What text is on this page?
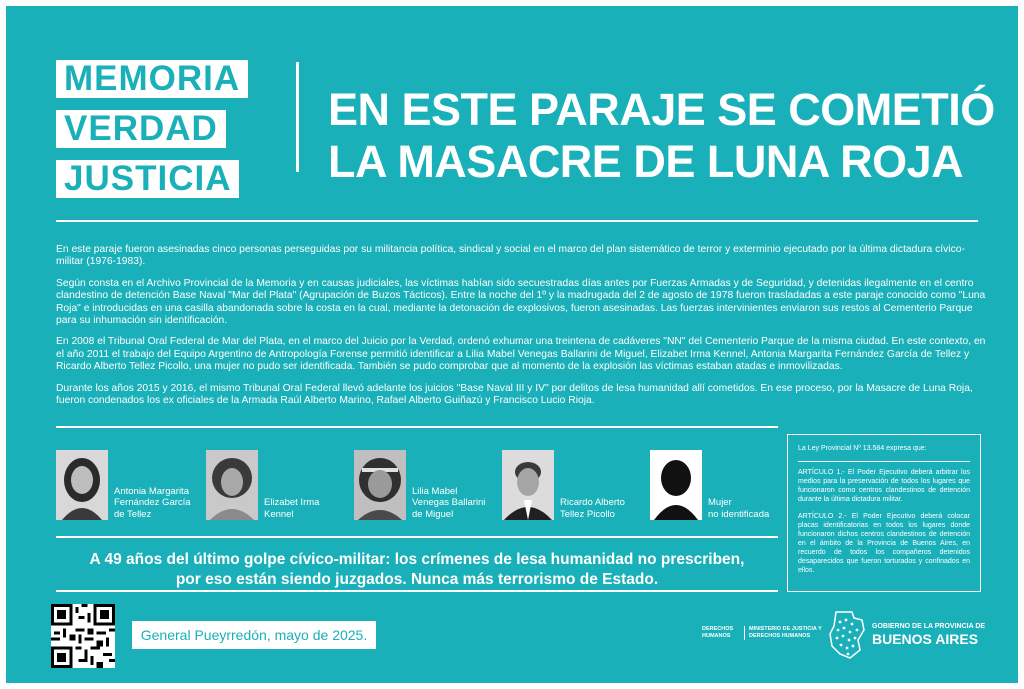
MEMORIA
VERDAD
JUSTICIA
EN ESTE PARAJE SE COMETIÓ
LA MASACRE DE LUNA ROJA

En este paraje fueron asesinadas cinco personas perseguidas por su militancia política, sindical y social en el marco del plan sistemático de terror y exterminio ejecutado por la última dictadura cívico-militar (1976-1983).

Según consta en el Archivo Provincial de la Memoria y en causas judiciales, las víctimas habían sido secuestradas días antes por Fuerzas Armadas y de Seguridad, y detenidas ilegalmente en el centro clandestino de detención Base Naval "Mar del Plata" (Agrupación de Buzos Tácticos). Entre la noche del 1º y la madrugada del 2 de agosto de 1978 fueron trasladadas a este paraje conocido como "Luna Roja" e introducidas en una casilla abandonada sobre la costa en la cual, mediante la detonación de explosivos, fueron asesinadas. Las fuerzas intervinientes enviaron sus restos al Cementerio Parque para su inhumación sin identificación.

En 2008 el Tribunal Oral Federal de Mar del Plata, en el marco del Juicio por la Verdad, ordenó exhumar una treintena de cadáveres "NN" del Cementerio Parque de la misma ciudad. En este contexto, en el año 2011 el trabajo del Equipo Argentino de Antropología Forense permitió identificar a Lilia Mabel Venegas Ballarini de Miguel, Elizabet Irma Kennel, Antonia Margarita Fernández García de Tellez y Ricardo Alberto Tellez Picollo, una mujer no pudo ser identificada. También se pudo comprobar que al momento de la explosión las víctimas estaban atadas e inmovilizadas.

Durante los años 2015 y 2016, el mismo Tribunal Oral Federal llevó adelante los juicios "Base Naval III y IV" por delitos de lesa humanidad allí cometidos. En ese proceso, por la Masacre de Luna Roja, fueron condenados los ex oficiales de la Armada Raúl Alberto Marino, Rafael Alberto Guiñazú y Francisco Lucio Rioja.

Antonia Margarita
Fernández García
de Tellez
Elizabet Irma
Kennel
Lilia Mabel
Venegas Ballarini
de Miguel
Ricardo Alberto
Tellez Picollo
Mujer
no identificada
A 49 años del último golpe cívico-militar: los crímenes de lesa humanidad no prescriben,
por eso están siendo juzgados. Nunca más terrorismo de Estado.
La Ley Provincial Nº 13.584 expresa que:

ARTÍCULO 1.- El Poder Ejecutivo deberá arbitrar los medios para la preservación de todos los lugares que funcionaron como centros clandestinos de detención durante la última dictadura militar.

ARTÍCULO 2.- El Poder Ejecutivo deberá colocar placas identificatorias en todos los lugares donde funcionaron dichos centros clandestinos de detención en el ámbito de la Provincia de Buenos Aires, en recuerdo de todos los compañeros detenidos desaparecidos que fueron torturados y confinados en ellos.

General Pueyrredón, mayo de 2025.	DERECHOS
HUMANOS
MINISTERIO DE JUSTICIA Y
DERECHOS HUMANOS
GOBIERNO DE LA PROVINCIA DE
BUENOS AIRES
